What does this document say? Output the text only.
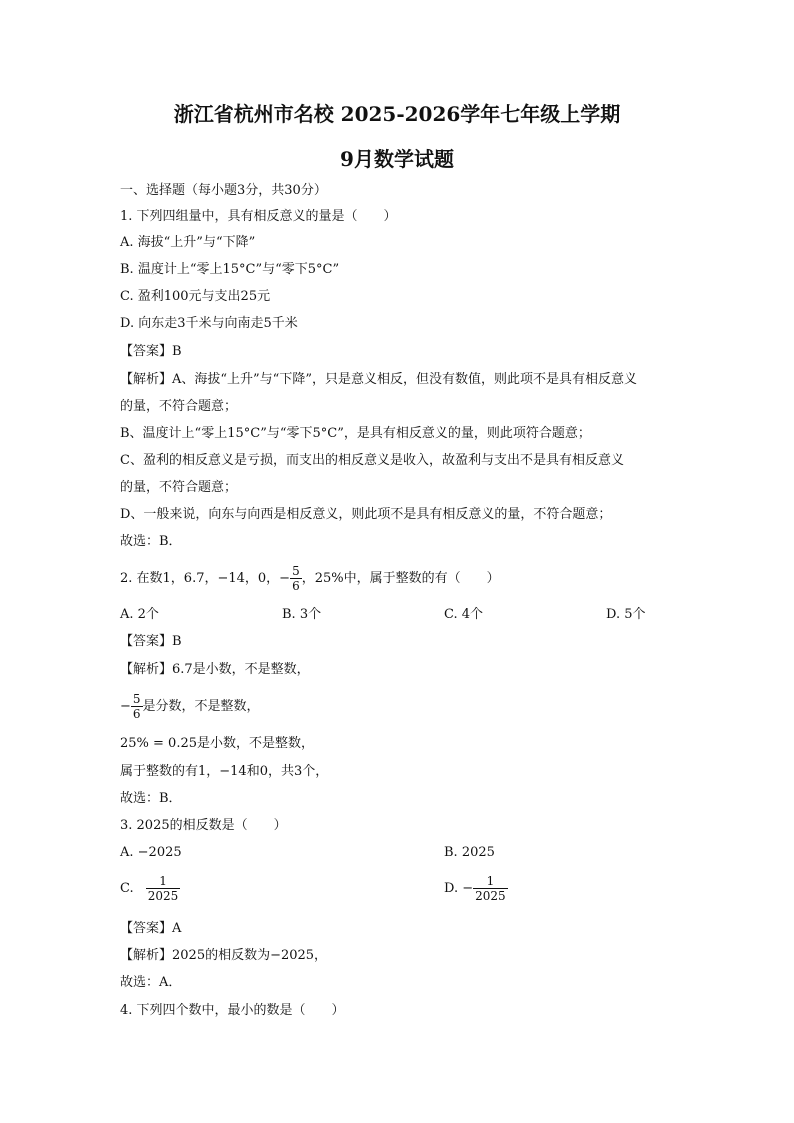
浙江省杭州市名校 2025-2026学年七年级上学期
9月数学试题
一、选择题（每小题3分，共30分）
1. 下列四组量中，具有相反意义的量是（　　）
A. 海拔“上升”与“下降”
B. 温度计上“零上15°C”与“零下5°C”
C. 盈利100元与支出25元
D. 向东走3千米与向南走5千米
【答案】B
【解析】A、海拔“上升”与“下降”，只是意义相反，但没有数值，则此项不是具有相反意义
的量，不符合题意；
B、温度计上“零上15°C”与“零下5°C”，是具有相反意义的量，则此项符合题意；
C、盈利的相反意义是亏损，而支出的相反意义是收入，故盈利与支出不是具有相反意义
的量，不符合题意；
D、一般来说，向东与向西是相反意义，则此项不是具有相反意义的量，不符合题意；
故选：B．
2. 在数1，6.7，−14，0，− $\frac{5}{6}$ ，25%中，属于整数的有（　　）
A. 2个	B. 3个	C. 4个	D. 5个
【答案】B
【解析】6.7是小数，不是整数，
− $\frac{5}{6}$ 是分数，不是整数，
25% = 0.25是小数，不是整数，
属于整数的有1，−14和0，共3个，
故选：B．
3. 2025的相反数是（　　）
A. −2025	B. 2025
C. $\frac{1}{2025}$	D. − $\frac{1}{2025}$
【答案】A
【解析】2025的相反数为−2025，
故选：A．
4. 下列四个数中，最小的数是（　　）
